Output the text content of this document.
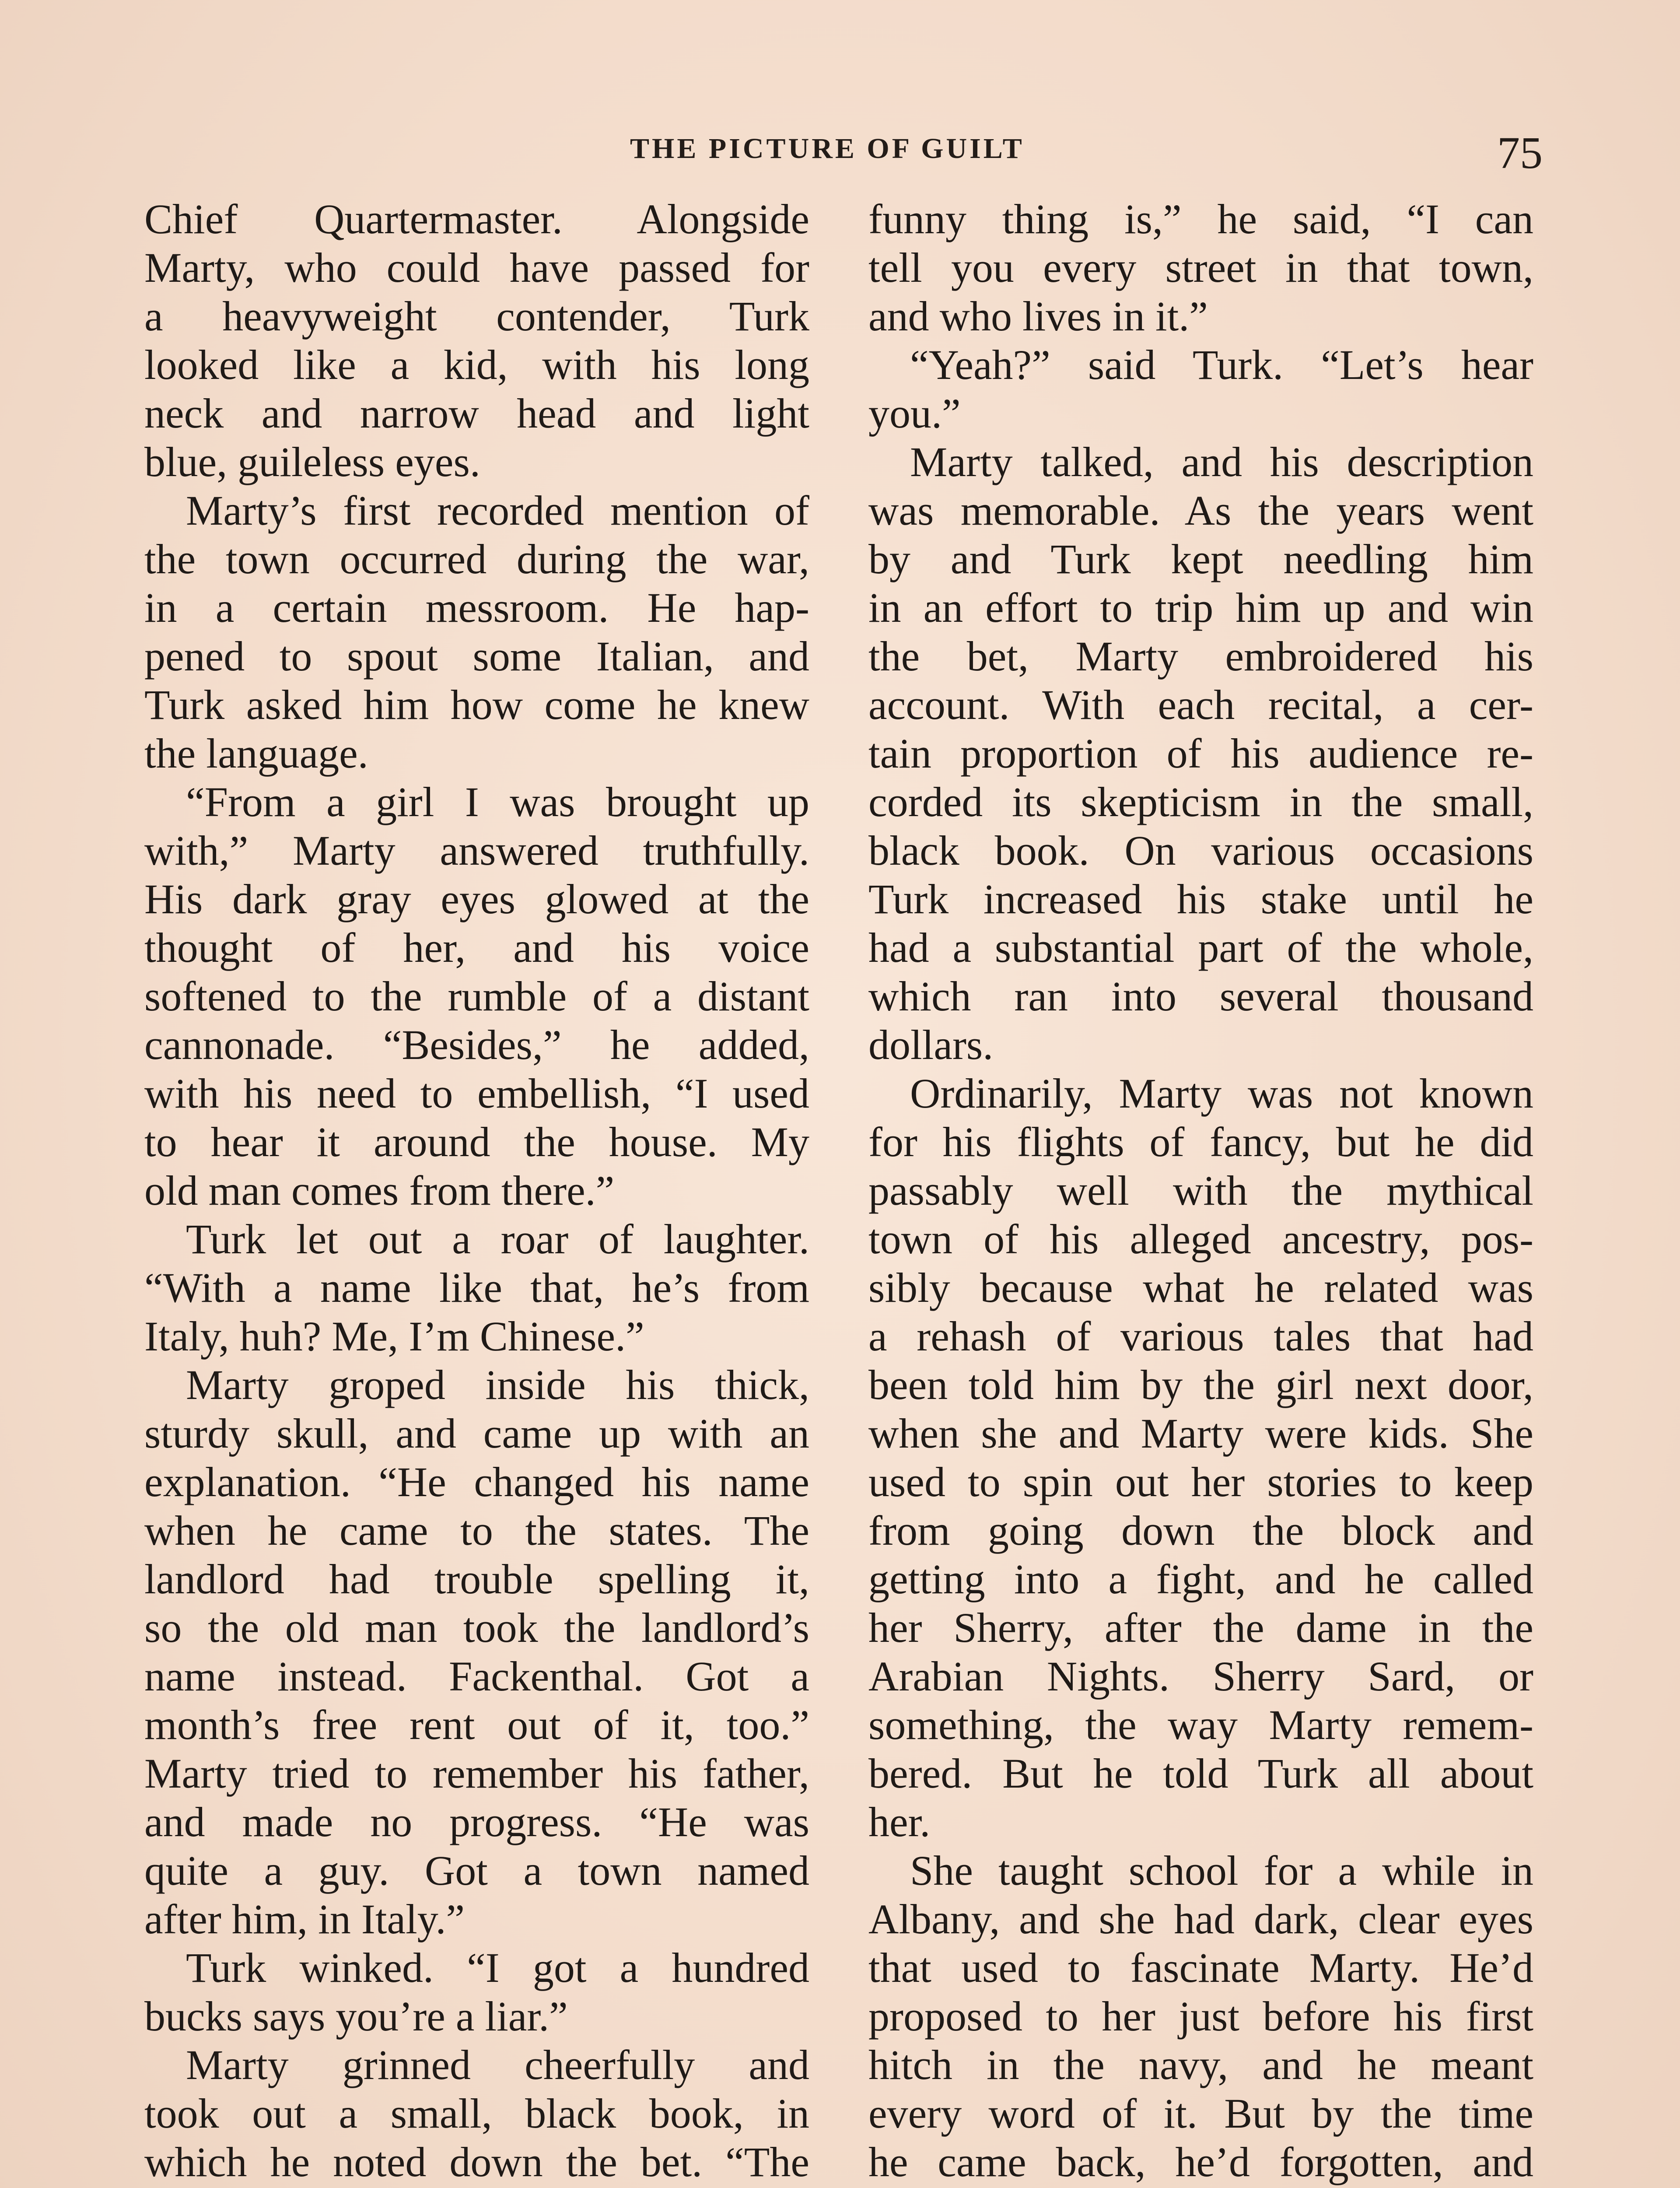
THE PICTURE OF GUILT	75
Chief Quartermaster. Alongside
Marty, who could have passed for
a heavyweight contender, Turk
looked like a kid, with his long
neck and narrow head and light
blue, guileless eyes.
Marty’s first recorded mention of
the town occurred during the war,
in a certain messroom. He hap-
pened to spout some Italian, and
Turk asked him how come he knew
the language.
“From a girl I was brought up
with,” Marty answered truthfully.
His dark gray eyes glowed at the
thought of her, and his voice
softened to the rumble of a distant
cannonade. “Besides,” he added,
with his need to embellish, “I used
to hear it around the house. My
old man comes from there.”
Turk let out a roar of laughter.
“With a name like that, he’s from
Italy, huh? Me, I’m Chinese.”
Marty groped inside his thick,
sturdy skull, and came up with an
explanation. “He changed his name
when he came to the states. The
landlord had trouble spelling it,
so the old man took the landlord’s
name instead. Fackenthal. Got a
month’s free rent out of it, too.”
Marty tried to remember his father,
and made no progress. “He was
quite a guy. Got a town named
after him, in Italy.”
Turk winked. “I got a hundred
bucks says you’re a liar.”
Marty grinned cheerfully and
took out a small, black book, in
which he noted down the bet. “The
funny thing is,” he said, “I can
tell you every street in that town,
and who lives in it.”
“Yeah?” said Turk. “Let’s hear
you.”
Marty talked, and his description
was memorable. As the years went
by and Turk kept needling him
in an effort to trip him up and win
the bet, Marty embroidered his
account. With each recital, a cer-
tain proportion of his audience re-
corded its skepticism in the small,
black book. On various occasions
Turk increased his stake until he
had a substantial part of the whole,
which ran into several thousand
dollars.
Ordinarily, Marty was not known
for his flights of fancy, but he did
passably well with the mythical
town of his alleged ancestry, pos-
sibly because what he related was
a rehash of various tales that had
been told him by the girl next door,
when she and Marty were kids. She
used to spin out her stories to keep
from going down the block and
getting into a fight, and he called
her Sherry, after the dame in the
Arabian Nights. Sherry Sard, or
something, the way Marty remem-
bered. But he told Turk all about
her.
She taught school for a while in
Albany, and she had dark, clear eyes
that used to fascinate Marty. He’d
proposed to her just before his first
hitch in the navy, and he meant
every word of it. But by the time
he came back, he’d forgotten, and
